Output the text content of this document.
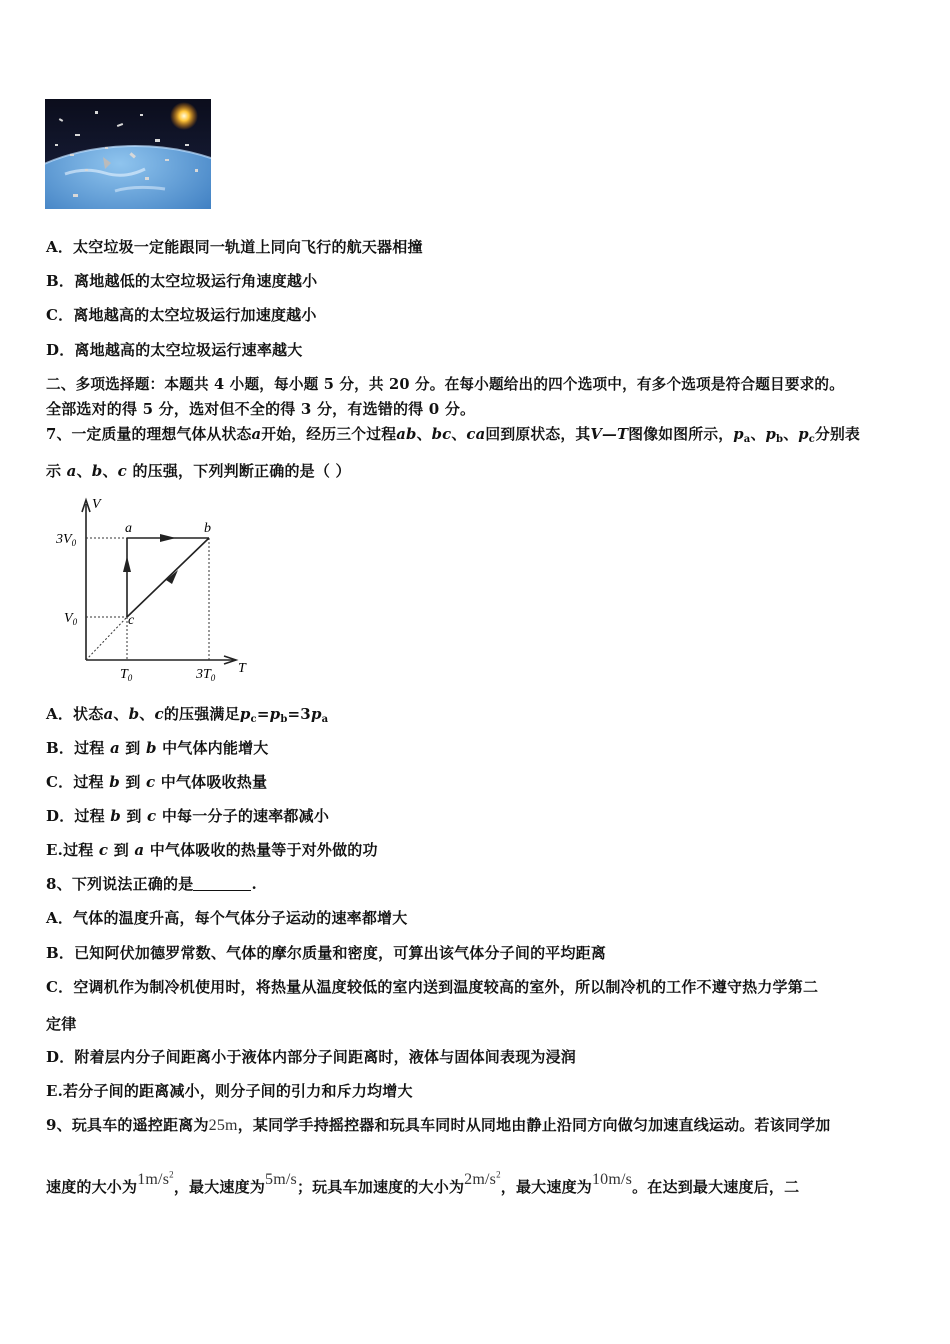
A．太空垃圾一定能跟同一轨道上同向飞行的航天器相撞
B．离地越低的太空垃圾运行角速度越小
C．离地越高的太空垃圾运行加速度越小
D．离地越高的太空垃圾运行速率越大
二、多项选择题：本题共 4 小题，每小题 5 分，共 20 分。在每小题给出的四个选项中，有多个选项是符合题目要求的。
全部选对的得 5 分，选对但不全的得 3 分，有选错的得 0 分。
7、一定质量的理想气体从状态a开始，经历三个过程ab、bc、ca回到原状态，其V—T图像如图所示，$p_a$、$p_b$、$p_c$分别表
示 a、b、c 的压强，下列判断正确的是（ ）
V
T
$3V_0$
$V_0$
$T_0$	$3T_0$
a	b
c
A．状态a、b、c的压强满足$p_c=p_b=3p_a$
B．过程 a 到 b 中气体内能增大
C．过程 b 到 c 中气体吸收热量
D．过程 b 到 c 中每一分子的速率都减小
E.过程 c 到 a 中气体吸收的热量等于对外做的功
8、下列说法正确的是	.
A．气体的温度升高，每个气体分子运动的速率都增大
B．已知阿伏加德罗常数、气体的摩尔质量和密度，可算出该气体分子间的平均距离
C．空调机作为制冷机使用时，将热量从温度较低的室内送到温度较高的室外，所以制冷机的工作不遵守热力学第二
定律
D．附着层内分子间距离小于液体内部分子间距离时，液体与固体间表现为浸润
E.若分子间的距离减小，则分子间的引力和斥力均增大
9、玩具车的遥控距离为25m，某同学手持摇控器和玩具车同时从同地由静止沿同方向做匀加速直线运动。若该同学加
速度的大小为$1m/s^2$，最大速度为5m/s；玩具车加速度的大小为$2m/s^2$，最大速度为10m/s。在达到最大速度后，二
